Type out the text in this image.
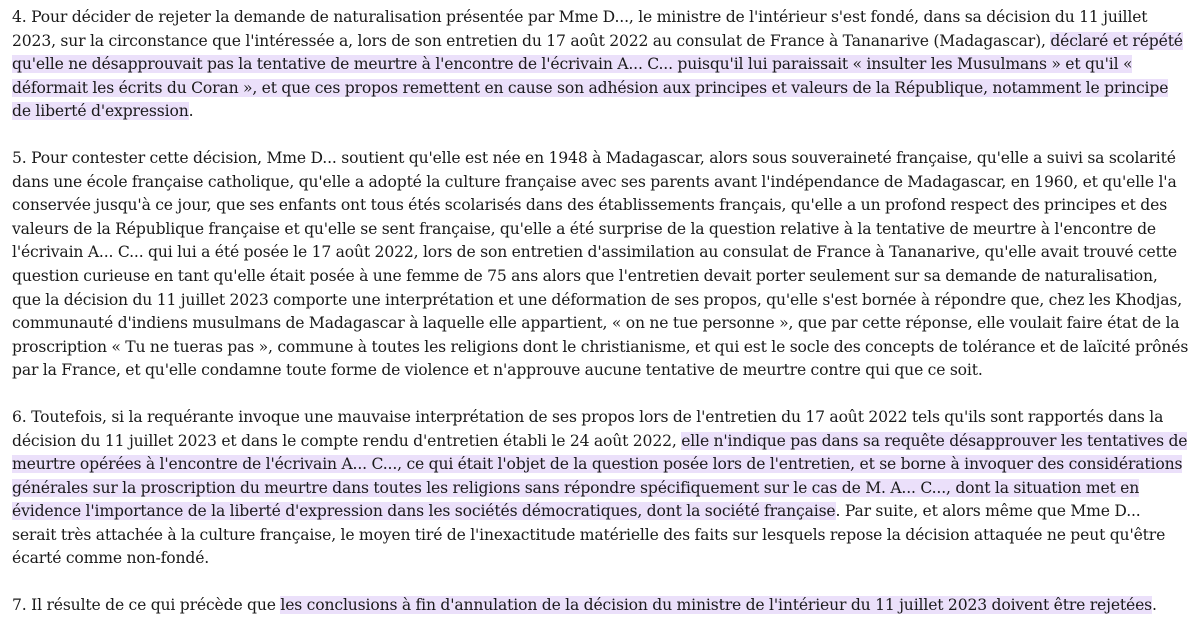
4. Pour décider de rejeter la demande de naturalisation présentée par Mme D..., le ministre de l'intérieur s'est fondé, dans sa décision du 11 juillet 2023, sur la circonstance que l'intéressée a, lors de son entretien du 17 août 2022 au consulat de France à Tananarive (Madagascar), déclaré et répété qu'elle ne désapprouvait pas la tentative de meurtre à l'encontre de l'écrivain A... C... puisqu'il lui paraissait « insulter les Musulmans » et qu'il « déformait les écrits du Coran », et que ces propos remettent en cause son adhésion aux principes et valeurs de la République, notamment le principe de liberté d'expression.

5. Pour contester cette décision, Mme D... soutient qu'elle est née en 1948 à Madagascar, alors sous souveraineté française, qu'elle a suivi sa scolarité dans une école française catholique, qu'elle a adopté la culture française avec ses parents avant l'indépendance de Madagascar, en 1960, et qu'elle l'a conservée jusqu'à ce jour, que ses enfants ont tous étés scolarisés dans des établissements français, qu'elle a un profond respect des principes et des valeurs de la République française et qu'elle se sent française, qu'elle a été surprise de la question relative à la tentative de meurtre à l'encontre de l'écrivain A... C... qui lui a été posée le 17 août 2022, lors de son entretien d'assimilation au consulat de France à Tananarive, qu'elle avait trouvé cette question curieuse en tant qu'elle était posée à une femme de 75 ans alors que l'entretien devait porter seulement sur sa demande de naturalisation, que la décision du 11 juillet 2023 comporte une interprétation et une déformation de ses propos, qu'elle s'est bornée à répondre que, chez les Khodjas, communauté d'indiens musulmans de Madagascar à laquelle elle appartient, « on ne tue personne », que par cette réponse, elle voulait faire état de la proscription « Tu ne tueras pas », commune à toutes les religions dont le christianisme, et qui est le socle des concepts de tolérance et de laïcité prônés par la France, et qu'elle condamne toute forme de violence et n'approuve aucune tentative de meurtre contre qui que ce soit.

6. Toutefois, si la requérante invoque une mauvaise interprétation de ses propos lors de l'entretien du 17 août 2022 tels qu'ils sont rapportés dans la décision du 11 juillet 2023 et dans le compte rendu d'entretien établi le 24 août 2022, elle n'indique pas dans sa requête désapprouver les tentatives de meurtre opérées à l'encontre de l'écrivain A... C..., ce qui était l'objet de la question posée lors de l'entretien, et se borne à invoquer des considérations générales sur la proscription du meurtre dans toutes les religions sans répondre spécifiquement sur le cas de M. A... C..., dont la situation met en évidence l'importance de la liberté d'expression dans les sociétés démocratiques, dont la société française. Par suite, et alors même que Mme D... serait très attachée à la culture française, le moyen tiré de l'inexactitude matérielle des faits sur lesquels repose la décision attaquée ne peut qu'être écarté comme non-fondé.

7. Il résulte de ce qui précède que les conclusions à fin d'annulation de la décision du ministre de l'intérieur du 11 juillet 2023 doivent être rejetées.
